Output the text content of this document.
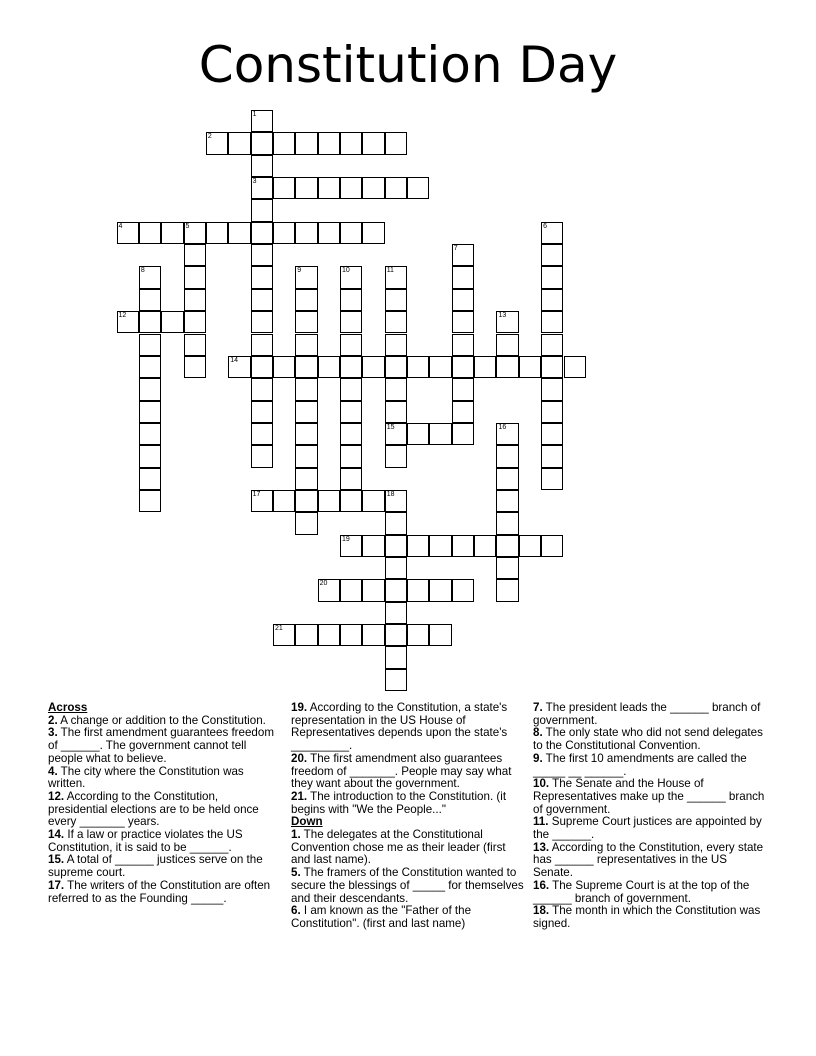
Constitution Day
1
3
2
4	5	6
7
8	9	10	11
15
12	13
14
16
17	18
19
20
21
Across
2. A change or addition to the Constitution.
3. The first amendment guarantees freedom of ______. The government cannot tell people what to believe.
4. The city where the Constitution was written.
12. According to the Constitution, presidential elections are to be held once every _______ years.
14. If a law or practice violates the US Constitution, it is said to be ______.
15. A total of ______ justices serve on the supreme court.
17. The writers of the Constitution are often referred to as the Founding _____.
19. According to the Constitution, a state's representation in the US House of Representatives depends upon the state's _________.
20. The first amendment also guarantees freedom of _______. People may say what they want about the government.
21. The introduction to the Constitution. (it begins with "We the People..."
Down
1. The delegates at the Constitutional Convention chose me as their leader (first and last name).
5. The framers of the Constitution wanted to secure the blessings of _____ for themselves and their descendants.
6. I am known as the "Father of the Constitution". (first and last name)
7. The president leads the ______ branch of government.
8. The only state who did not send delegates to the Constitutional Convention.
9. The first 10 amendments are called the _____ __ ______.
10. The Senate and the House of Representatives make up the ______ branch of government.
11. Supreme Court justices are appointed by the ______.
13. According to the Constitution, every state has ______ representatives in the US Senate.
16. The Supreme Court is at the top of the ______ branch of government.
18. The month in which the Constitution was signed.
